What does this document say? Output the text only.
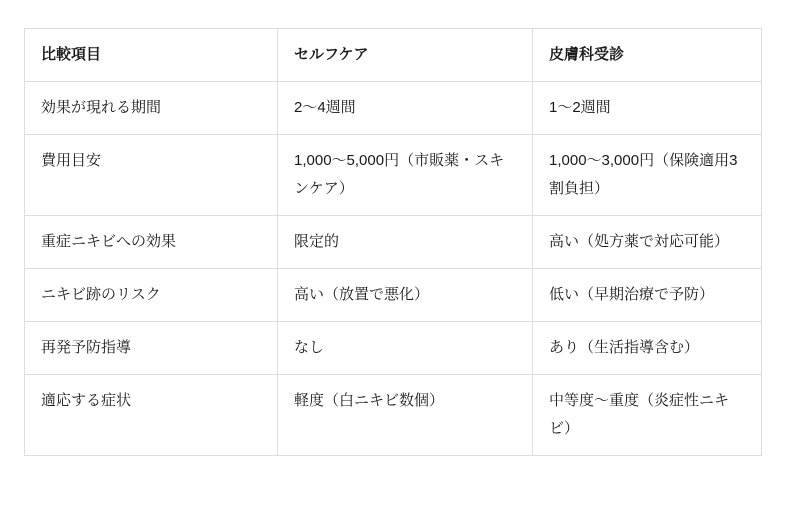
比較項目	セルフケア	皮膚科受診
効果が現れる期間	2〜4週間	1〜2週間
費用目安	1,000〜5,000円（市販薬・スキンケア）	1,000〜3,000円（保険適用3割負担）
重症ニキビへの効果	限定的	高い（処方薬で対応可能）
ニキビ跡のリスク	高い（放置で悪化）	低い（早期治療で予防）
再発予防指導	なし	あり（生活指導含む）
適応する症状	軽度（白ニキビ数個）	中等度〜重度（炎症性ニキビ）
